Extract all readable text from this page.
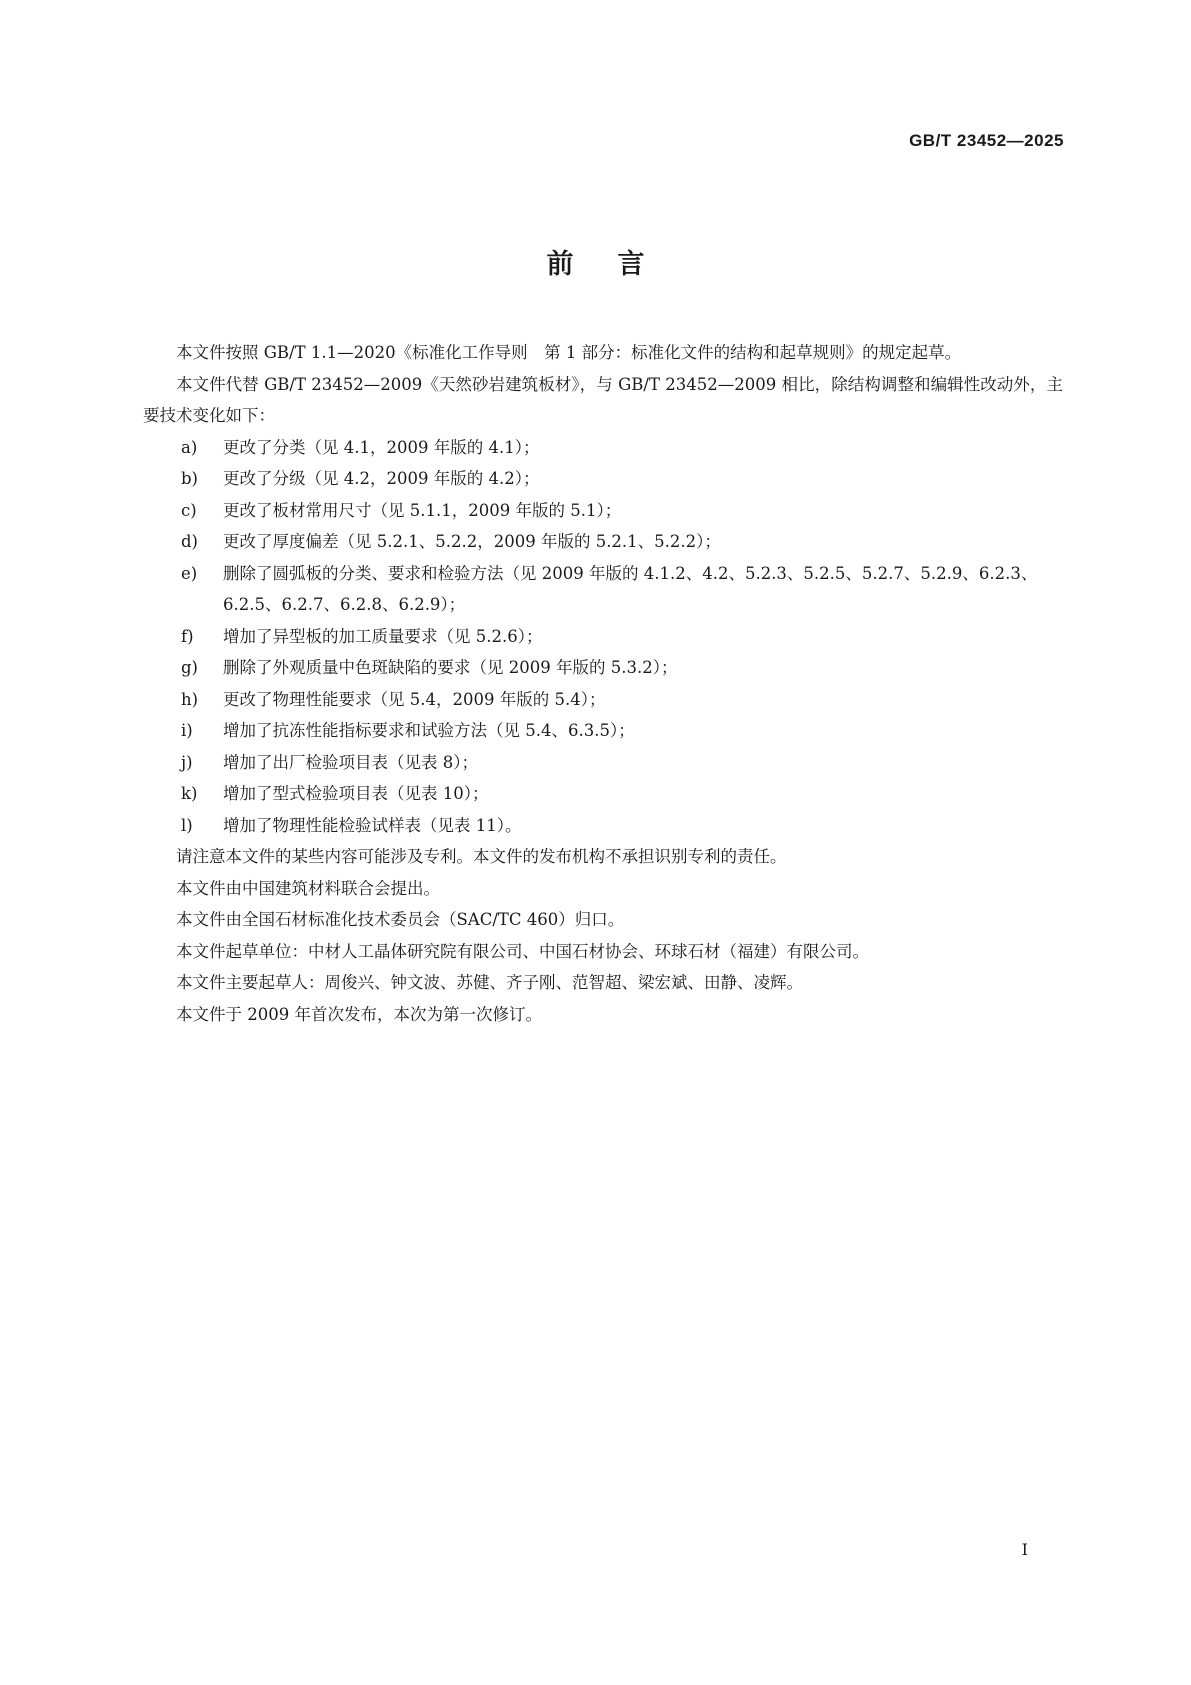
GB/T 23452—2025
前言

本文件按照 GB/T 1.1—2020《标准化工作导则　第 1 部分：标准化文件的结构和起草规则》的规定起草。

本文件代替 GB/T 23452—2009《天然砂岩建筑板材》，与 GB/T 23452—2009 相比，除结构调整和编辑性改动外，主要技术变化如下：

a)	更改了分类（见 4.1，2009 年版的 4.1）；
b)	更改了分级（见 4.2，2009 年版的 4.2）；
c)	更改了板材常用尺寸（见 5.1.1，2009 年版的 5.1）；
d)	更改了厚度偏差（见 5.2.1、5.2.2，2009 年版的 5.2.1、5.2.2）；
e)	删除了圆弧板的分类、要求和检验方法（见 2009 年版的 4.1.2、4.2、5.2.3、5.2.5、5.2.7、5.2.9、6.2.3、6.2.5、6.2.7、6.2.8、6.2.9）；
f)	增加了异型板的加工质量要求（见 5.2.6）；
g)	删除了外观质量中色斑缺陷的要求（见 2009 年版的 5.3.2）；
h)	更改了物理性能要求（见 5.4，2009 年版的 5.4）；
i)	增加了抗冻性能指标要求和试验方法（见 5.4、6.3.5）；
j)	增加了出厂检验项目表（见表 8）；
k)	增加了型式检验项目表（见表 10）；
l)	增加了物理性能检验试样表（见表 11）。

请注意本文件的某些内容可能涉及专利。本文件的发布机构不承担识别专利的责任。

本文件由中国建筑材料联合会提出。

本文件由全国石材标准化技术委员会（SAC/TC 460）归口。

本文件起草单位：中材人工晶体研究院有限公司、中国石材协会、环球石材（福建）有限公司。

本文件主要起草人：周俊兴、钟文波、苏健、齐子刚、范智超、梁宏斌、田静、凌辉。

本文件于 2009 年首次发布，本次为第一次修订。

I
